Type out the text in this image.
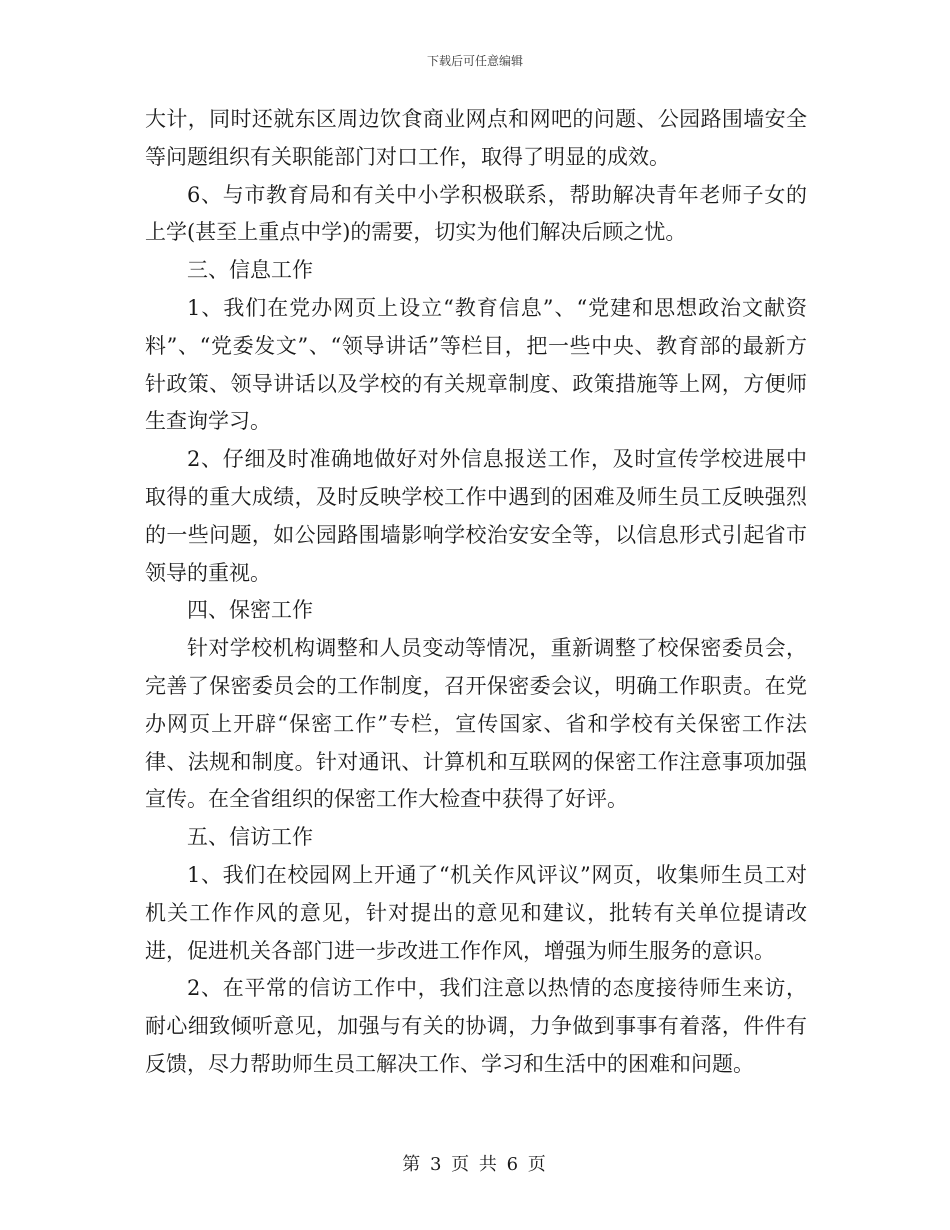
下载后可任意编辑

大计，同时还就东区周边饮食商业网点和网吧的问题、公园路围墙安全等问题组织有关职能部门对口工作，取得了明显的成效。

6、与市教育局和有关中小学积极联系，帮助解决青年老师子女的上学(甚至上重点中学)的需要，切实为他们解决后顾之忧。

三、信息工作

1、我们在党办网页上设立“教育信息”、“党建和思想政治文献资料”、“党委发文”、“领导讲话”等栏目，把一些中央、教育部的最新方针政策、领导讲话以及学校的有关规章制度、政策措施等上网，方便师生查询学习。

2、仔细及时准确地做好对外信息报送工作，及时宣传学校进展中取得的重大成绩，及时反映学校工作中遇到的困难及师生员工反映强烈的一些问题，如公园路围墙影响学校治安安全等，以信息形式引起省市领导的重视。

四、保密工作

针对学校机构调整和人员变动等情况，重新调整了校保密委员会，完善了保密委员会的工作制度，召开保密委会议，明确工作职责。在党办网页上开辟“保密工作”专栏，宣传国家、省和学校有关保密工作法律、法规和制度。针对通讯、计算机和互联网的保密工作注意事项加强宣传。在全省组织的保密工作大检查中获得了好评。

五、信访工作

1、我们在校园网上开通了“机关作风评议”网页，收集师生员工对机关工作作风的意见，针对提出的意见和建议，批转有关单位提请改进，促进机关各部门进一步改进工作作风，增强为师生服务的意识。

2、在平常的信访工作中，我们注意以热情的态度接待师生来访，耐心细致倾听意见，加强与有关的协调，力争做到事事有着落，件件有反馈，尽力帮助师生员工解决工作、学习和生活中的困难和问题。

第 3 页 共 6 页
